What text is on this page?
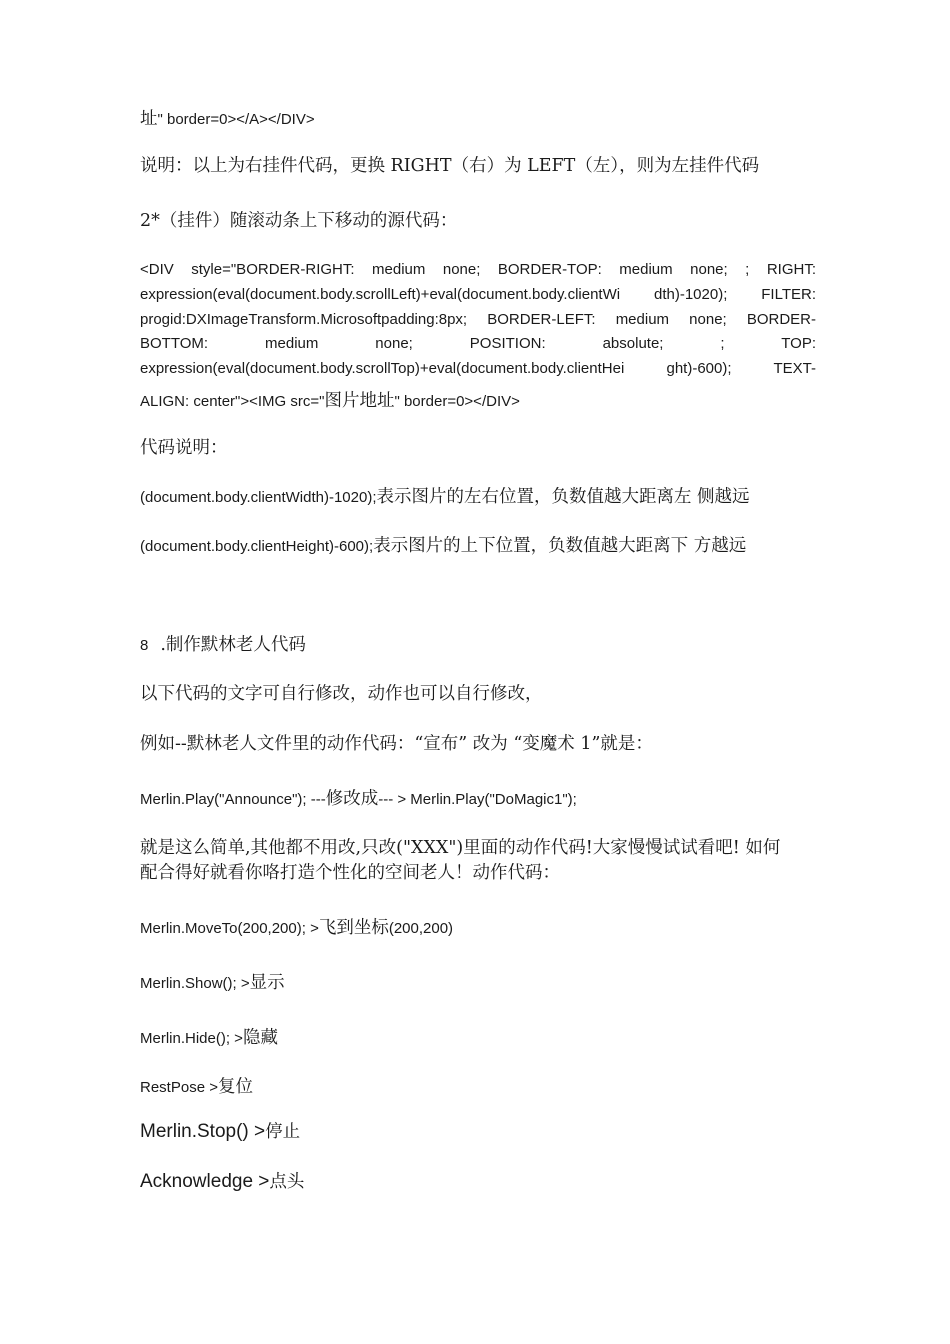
址" border=0></A></DIV>
说明：以上为右挂件代码，更换 RIGHT（右）为 LEFT（左），则为左挂件代码
2*（挂件）随滚动条上下移动的源代码：
<DIV style="BORDER-RIGHT: medium none; BORDER-TOP: medium none; ; RIGHT:
expression(eval(document.body.scrollLeft)+eval(document.body.clientWi dth)-1020); FILTER:
progid:DXImageTransform.Microsoftpadding:8px; BORDER-LEFT: medium none; BORDER-
BOTTOM: medium none; POSITION: absolute; ; TOP:
expression(eval(document.body.scrollTop)+eval(document.body.clientHei ght)-600); TEXT-
ALIGN: center"><IMG src="图片地址" border=0></DIV>
代码说明：
(document.body.clientWidth)-1020);表示图片的左右位置，负数值越大距离左 侧越远
(document.body.clientHeight)-600);表示图片的上下位置，负数值越大距离下 方越远
8 .制作默林老人代码
以下代码的文字可自行修改，动作也可以自行修改，
例如--默林老人文件里的动作代码：“宣布” 改为 “变魔术 1”就是：
Merlin.Play("Announce"); ---修改成--- > Merlin.Play("DoMagic1");
就是这么简单,其他都不用改,只改("XXX")里面的动作代码!大家慢慢试试看吧! 如何
配合得好就看你咯打造个性化的空间老人！动作代码：
Merlin.MoveTo(200,200); >飞到坐标(200,200)
Merlin.Show(); >显示
Merlin.Hide(); >隐藏
RestPose >复位
Merlin.Stop() >停止
Acknowledge >点头
